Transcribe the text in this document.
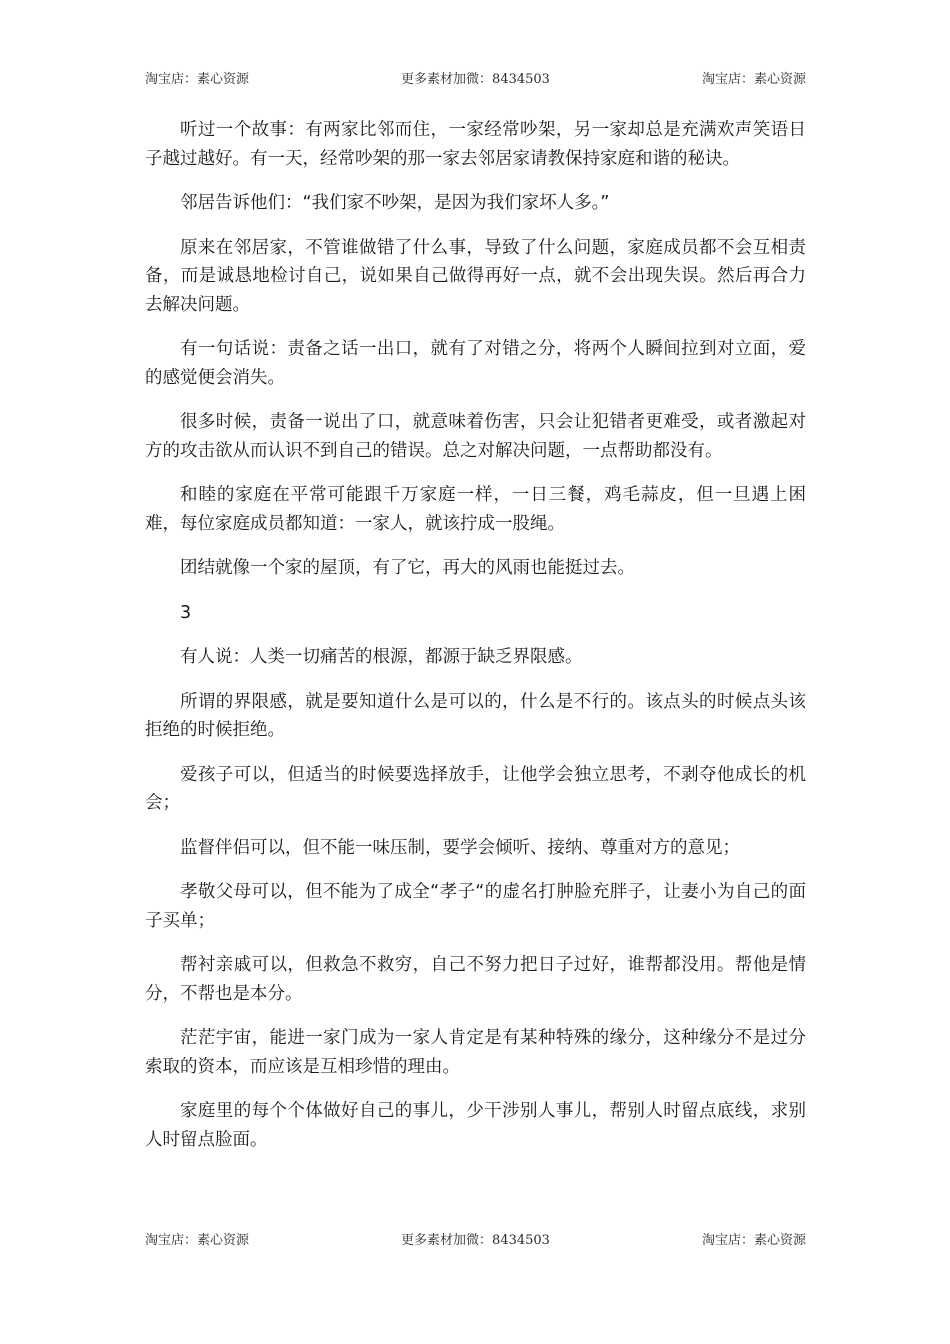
淘宝店：素心资源	更多素材加微：8434503	淘宝店：素心资源

听过一个故事：有两家比邻而住，一家经常吵架，另一家却总是充满欢声笑语日子越过越好。有一天，经常吵架的那一家去邻居家请教保持家庭和谐的秘诀。

邻居告诉他们：“我们家不吵架，是因为我们家坏人多。”

原来在邻居家，不管谁做错了什么事，导致了什么问题，家庭成员都不会互相责备，而是诚恳地检讨自己，说如果自己做得再好一点，就不会出现失误。然后再合力去解决问题。

有一句话说：责备之话一出口，就有了对错之分，将两个人瞬间拉到对立面，爱的感觉便会消失。

很多时候，责备一说出了口，就意味着伤害，只会让犯错者更难受，或者激起对方的攻击欲从而认识不到自己的错误。总之对解决问题，一点帮助都没有。

和睦的家庭在平常可能跟千万家庭一样，一日三餐，鸡毛蒜皮，但一旦遇上困难，每位家庭成员都知道：一家人，就该拧成一股绳。

团结就像一个家的屋顶，有了它，再大的风雨也能挺过去。

3

有人说：人类一切痛苦的根源，都源于缺乏界限感。

所谓的界限感，就是要知道什么是可以的，什么是不行的。该点头的时候点头该拒绝的时候拒绝。

爱孩子可以，但适当的时候要选择放手，让他学会独立思考，不剥夺他成长的机会；

监督伴侣可以，但不能一味压制，要学会倾听、接纳、尊重对方的意见；

孝敬父母可以，但不能为了成全“孝子“的虚名打肿脸充胖子，让妻小为自己的面子买单；

帮衬亲戚可以，但救急不救穷，自己不努力把日子过好，谁帮都没用。帮他是情分，不帮也是本分。

茫茫宇宙，能进一家门成为一家人肯定是有某种特殊的缘分，这种缘分不是过分索取的资本，而应该是互相珍惜的理由。

家庭里的每个个体做好自己的事儿，少干涉别人事儿，帮别人时留点底线，求别人时留点脸面。

淘宝店：素心资源	更多素材加微：8434503	淘宝店：素心资源
